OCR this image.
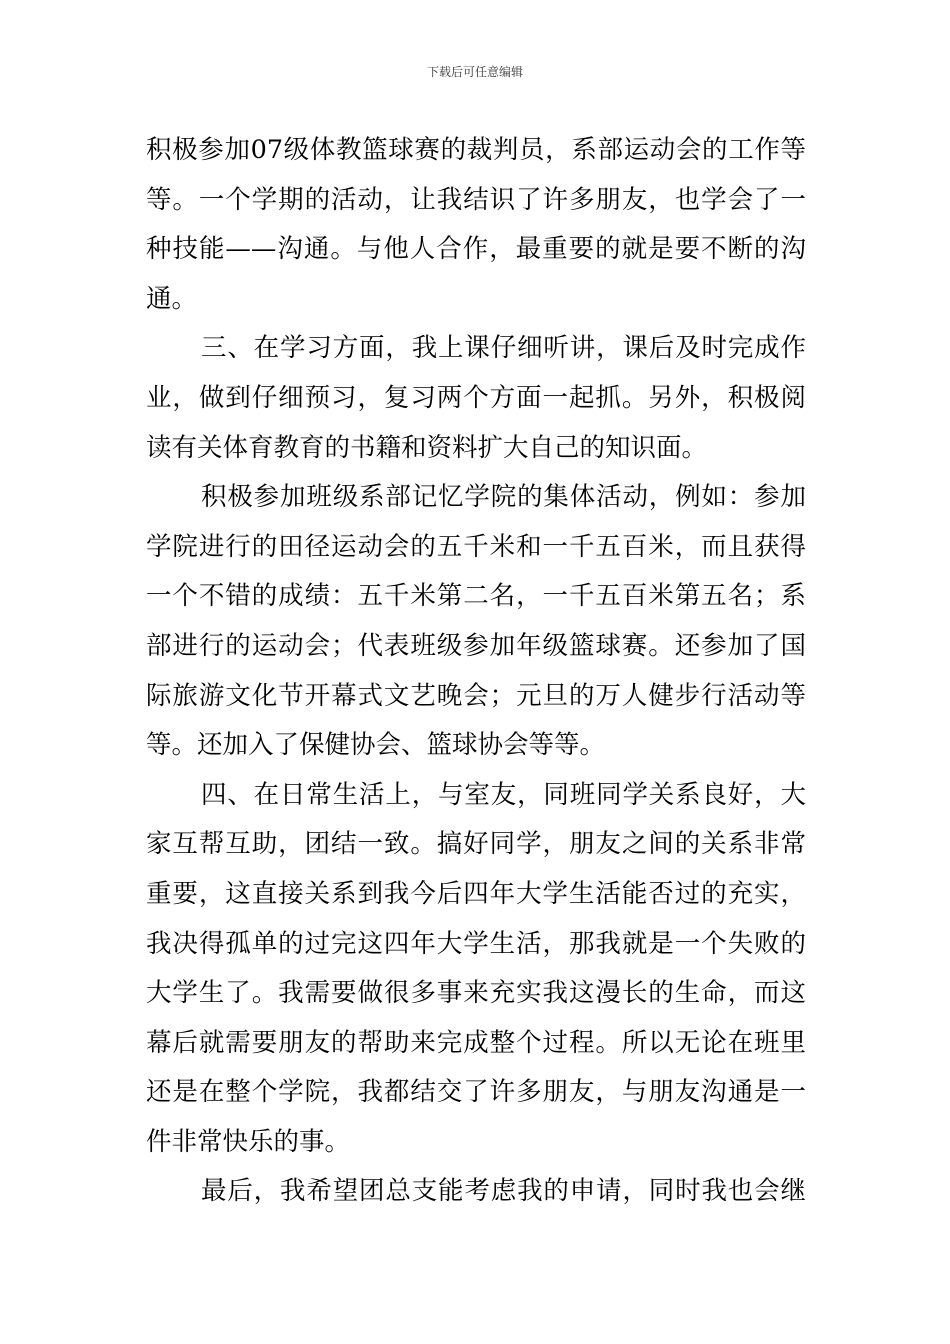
下载后可任意编辑
积极参加07级体教篮球赛的裁判员，系部运动会的工作等
等。一个学期的活动，让我结识了许多朋友，也学会了一
种技能——沟通。与他人合作，最重要的就是要不断的沟
通。
三、在学习方面，我上课仔细听讲，课后及时完成作
业，做到仔细预习，复习两个方面一起抓。另外，积极阅
读有关体育教育的书籍和资料扩大自己的知识面。
积极参加班级系部记忆学院的集体活动，例如：参加
学院进行的田径运动会的五千米和一千五百米，而且获得
一个不错的成绩：五千米第二名，一千五百米第五名；系
部进行的运动会；代表班级参加年级篮球赛。还参加了国
际旅游文化节开幕式文艺晚会；元旦的万人健步行活动等
等。还加入了保健协会、篮球协会等等。
四、在日常生活上，与室友，同班同学关系良好，大
家互帮互助，团结一致。搞好同学，朋友之间的关系非常
重要，这直接关系到我今后四年大学生活能否过的充实，
我决得孤单的过完这四年大学生活，那我就是一个失败的
大学生了。我需要做很多事来充实我这漫长的生命，而这
幕后就需要朋友的帮助来完成整个过程。所以无论在班里
还是在整个学院，我都结交了许多朋友，与朋友沟通是一
件非常快乐的事。
最后，我希望团总支能考虑我的申请，同时我也会继
